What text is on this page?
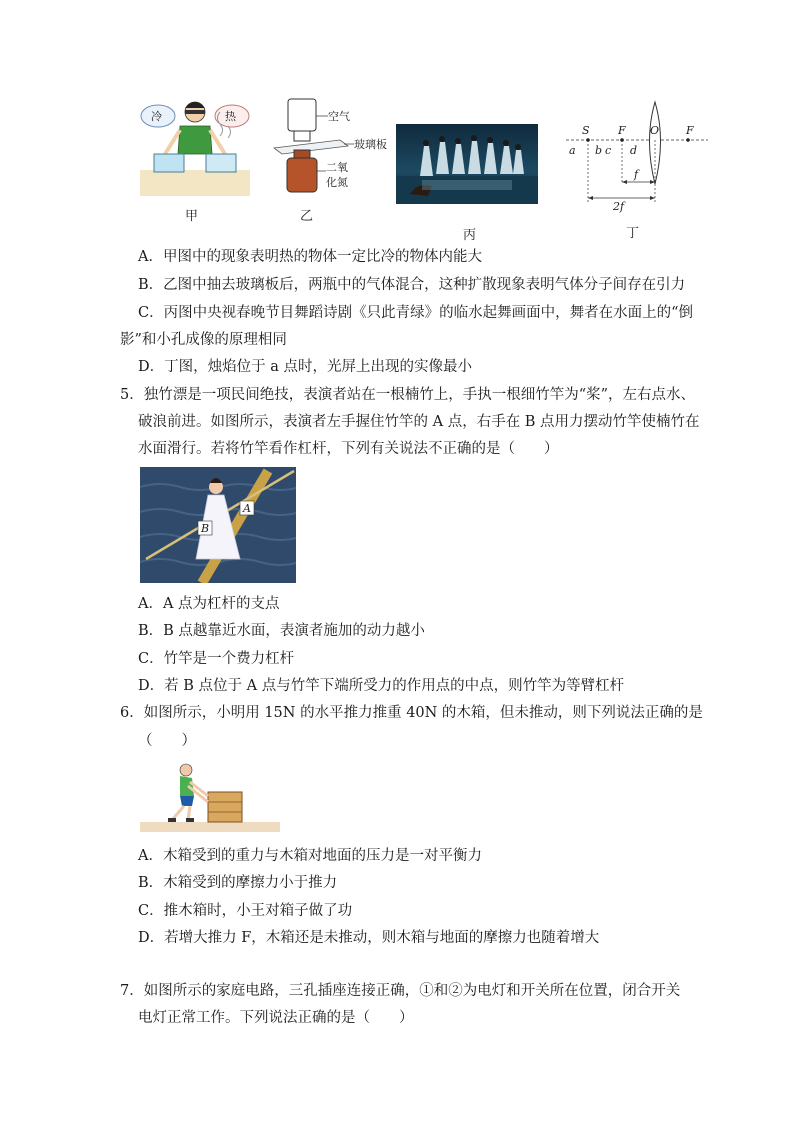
冷	热
甲
空气
玻璃板
二氧
化氮
乙
丙
S	F O F
a b c d
f
2f
丁
A．甲图中的现象表明热的物体一定比冷的物体内能大
B．乙图中抽去玻璃板后，两瓶中的气体混合，这种扩散现象表明气体分子间存在引力
C．丙图中央视春晚节目舞蹈诗剧《只此青绿》的临水起舞画面中，舞者在水面上的“倒
影”和小孔成像的原理相同
D．丁图，烛焰位于 a 点时，光屏上出现的实像最小
5．独竹漂是一项民间绝技，表演者站在一根楠竹上，手执一根细竹竿为“桨”，左右点水、
破浪前进。如图所示，表演者左手握住竹竿的 A 点，右手在 B 点用力摆动竹竿使楠竹在
水面滑行。若将竹竿看作杠杆，下列有关说法不正确的是（　　）
A
B
A．A 点为杠杆的支点
B．B 点越靠近水面，表演者施加的动力越小
C．竹竿是一个费力杠杆
D．若 B 点位于 A 点与竹竿下端所受力的作用点的中点，则竹竿为等臂杠杆
6．如图所示，小明用 15N 的水平推力推重 40N 的木箱，但未推动，则下列说法正确的是
（　　）
A．木箱受到的重力与木箱对地面的压力是一对平衡力
B．木箱受到的摩擦力小于推力
C．推木箱时，小王对箱子做了功
D．若增大推力 F，木箱还是未推动，则木箱与地面的摩擦力也随着增大
7．如图所示的家庭电路，三孔插座连接正确，①和②为电灯和开关所在位置，闭合开关
电灯正常工作。下列说法正确的是（　　）
